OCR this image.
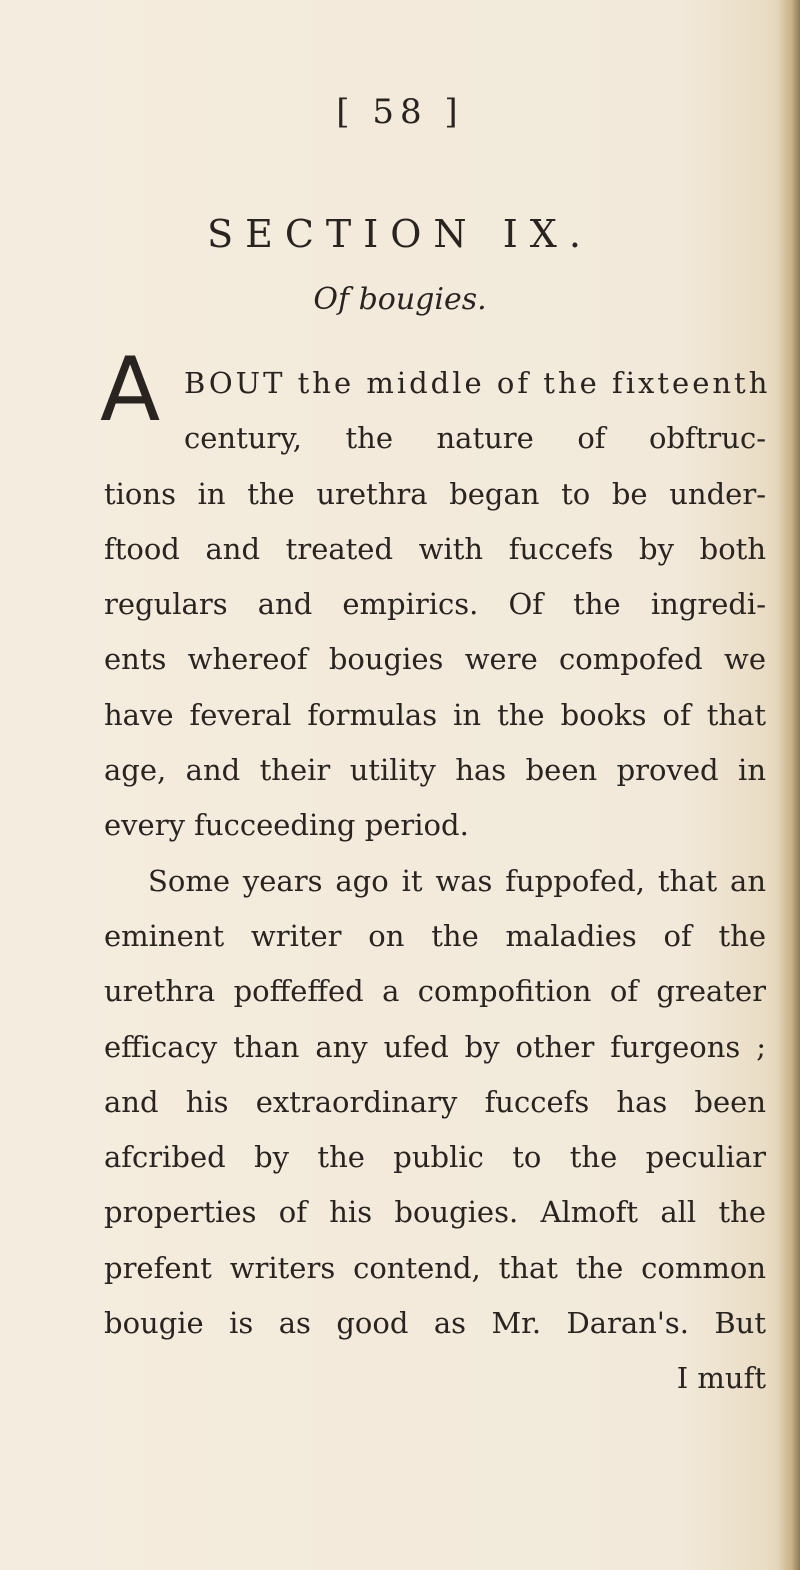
[ 58 ]
SECTION IX.
Of bougies.
A BOUT the middle of the fixteenth
century, the nature of obftruc-
tions in the urethra began to be under-
ftood and treated with fuccefs by both
regulars and empirics. Of the ingredi-
ents whereof bougies were compofed we
have feveral formulas in the books of that
age, and their utility has been proved in
every fucceeding period.
Some years ago it was fuppofed, that an
eminent writer on the maladies of the
urethra poffeffed a compofition of greater
efficacy than any ufed by other furgeons ;
and his extraordinary fuccefs has been
afcribed by the public to the peculiar
properties of his bougies. Almoft all the
prefent writers contend, that the common
bougie is as good as Mr. Daran's. But
I muft
